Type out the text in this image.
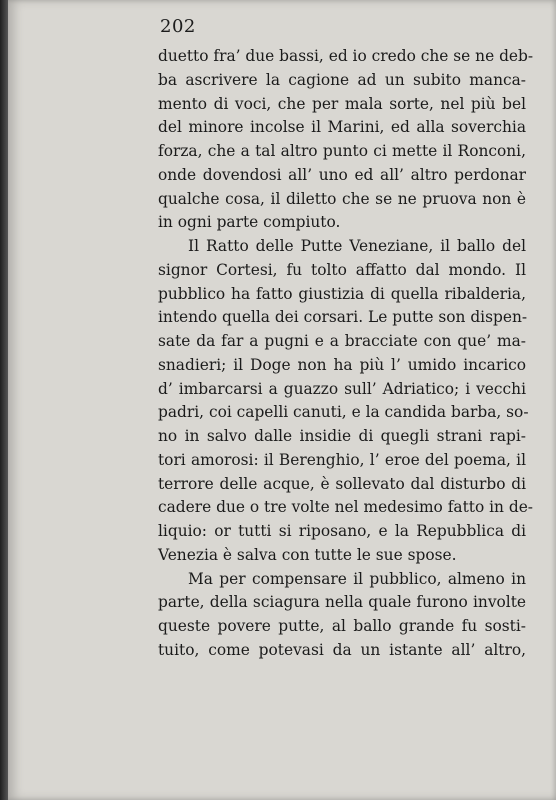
202
duetto fra’ due bassi, ed io credo che se ne deb-
ba ascrivere la cagione ad un subito manca-
mento di voci, che per mala sorte, nel più bel
del minore incolse il Marini, ed alla soverchia
forza, che a tal altro punto ci mette il Ronconi,
onde dovendosi all’ uno ed all’ altro perdonar
qualche cosa, il diletto che se ne pruova non è
in ogni parte compiuto.
Il Ratto delle Putte Veneziane, il ballo del
signor Cortesi, fu tolto affatto dal mondo. Il
pubblico ha fatto giustizia di quella ribalderia,
intendo quella dei corsari. Le putte son dispen-
sate da far a pugni e a bracciate con que’ ma-
snadieri; il Doge non ha più l’ umido incarico
d’ imbarcarsi a guazzo sull’ Adriatico; i vecchi
padri, coi capelli canuti, e la candida barba, so-
no in salvo dalle insidie di quegli strani rapi-
tori amorosi: il Berenghio, l’ eroe del poema, il
terrore delle acque, è sollevato dal disturbo di
cadere due o tre volte nel medesimo fatto in de-
liquio: or tutti si riposano, e la Repubblica di
Venezia è salva con tutte le sue spose.
Ma per compensare il pubblico, almeno in
parte, della sciagura nella quale furono involte
queste povere putte, al ballo grande fu sosti-
tuito, come potevasi da un istante all’ altro,
